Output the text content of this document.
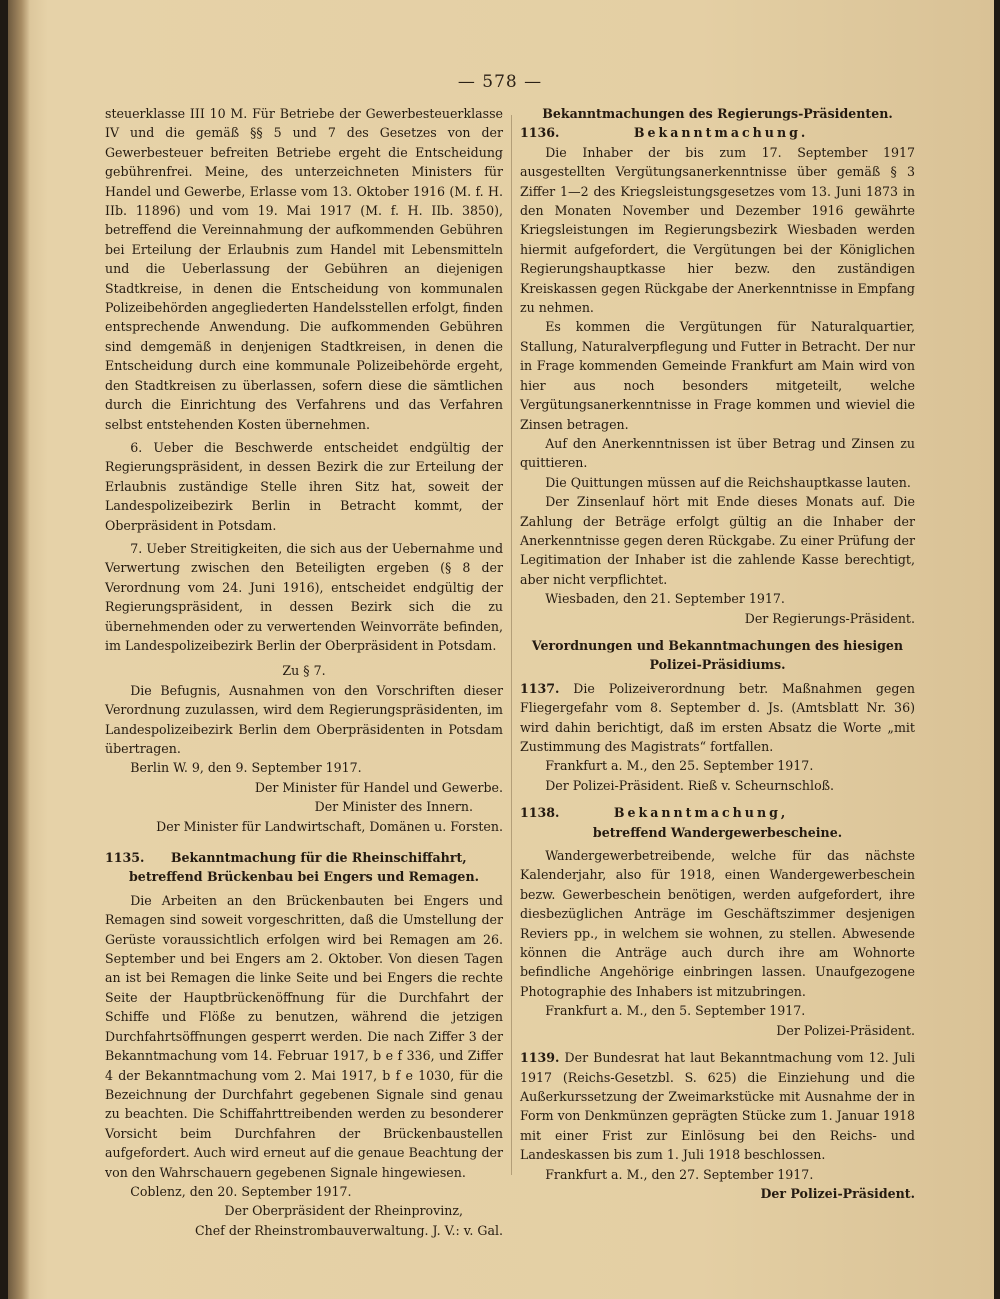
— 578 —

steuerklasse III 10 M. Für Betriebe der Gewerbesteuerklasse IV und die gemäß §§ 5 und 7 des Gesetzes von der Gewerbesteuer befreiten Betriebe ergeht die Entscheidung gebührenfrei. Meine, des unterzeichneten Ministers für Handel und Gewerbe, Erlasse vom 13. Oktober 1916 (M. f. H. IIb. 11896) und vom 19. Mai 1917 (M. f. H. IIb. 3850), betreffend die Vereinnahmung der aufkommenden Gebühren bei Erteilung der Erlaubnis zum Handel mit Lebensmitteln und die Ueberlassung der Gebühren an diejenigen Stadtkreise, in denen die Entscheidung von kommunalen Polizeibehörden angegliederten Handelsstellen erfolgt, finden entsprechende Anwendung. Die aufkommenden Gebühren sind demgemäß in denjenigen Stadtkreisen, in denen die Entscheidung durch eine kommunale Polizeibehörde ergeht, den Stadtkreisen zu überlassen, sofern diese die sämtlichen durch die Einrichtung des Verfahrens und das Verfahren selbst entstehenden Kosten übernehmen.

6. Ueber die Beschwerde entscheidet endgültig der Regierungspräsident, in dessen Bezirk die zur Erteilung der Erlaubnis zuständige Stelle ihren Sitz hat, soweit der Landespolizeibezirk Berlin in Betracht kommt, der Oberpräsident in Potsdam.

7. Ueber Streitigkeiten, die sich aus der Uebernahme und Verwertung zwischen den Beteiligten ergeben (§ 8 der Verordnung vom 24. Juni 1916), entscheidet endgültig der Regierungspräsident, in dessen Bezirk sich die zu übernehmenden oder zu verwertenden Weinvorräte befinden, im Landespolizeibezirk Berlin der Oberpräsident in Potsdam.

Zu § 7.

Die Befugnis, Ausnahmen von den Vorschriften dieser Verordnung zuzulassen, wird dem Regierungspräsidenten, im Landespolizeibezirk Berlin dem Oberpräsidenten in Potsdam übertragen.

Berlin W. 9, den 9. September 1917.

Der Minister für Handel und Gewerbe.

Der Minister des Innern.

Der Minister für Landwirtschaft, Domänen u. Forsten.

1135. Bekanntmachung für die Rheinschiffahrt,

betreffend Brückenbau bei Engers und Remagen.

Die Arbeiten an den Brückenbauten bei Engers und Remagen sind soweit vorgeschritten, daß die Umstellung der Gerüste voraussichtlich erfolgen wird bei Remagen am 26. September und bei Engers am 2. Oktober. Von diesen Tagen an ist bei Remagen die linke Seite und bei Engers die rechte Seite der Hauptbrückenöffnung für die Durchfahrt der Schiffe und Flöße zu benutzen, während die jetzigen Durchfahrtsöffnungen gesperrt werden. Die nach Ziffer 3 der Bekanntmachung vom 14. Februar 1917, b e f 336, und Ziffer 4 der Bekanntmachung vom 2. Mai 1917, b f e 1030, für die Bezeichnung der Durchfahrt gegebenen Signale sind genau zu beachten. Die Schiffahrttreibenden werden zu besonderer Vorsicht beim Durchfahren der Brückenbaustellen aufgefordert. Auch wird erneut auf die genaue Beachtung der von den Wahrschauern gegebenen Signale hingewiesen.

Coblenz, den 20. September 1917.

Der Oberpräsident der Rheinprovinz,

Chef der Rheinstrombauverwaltung. J. V.: v. Gal.

Bekanntmachungen des Regierungs-Präsidenten.

1136.	Bekanntmachung.

Die Inhaber der bis zum 17. September 1917 ausgestellten Vergütungsanerkenntnisse über gemäß § 3 Ziffer 1—2 des Kriegsleistungsgesetzes vom 13. Juni 1873 in den Monaten November und Dezember 1916 gewährte Kriegsleistungen im Regierungsbezirk Wiesbaden werden hiermit aufgefordert, die Vergütungen bei der Königlichen Regierungshauptkasse hier bezw. den zuständigen Kreiskassen gegen Rückgabe der Anerkenntnisse in Empfang zu nehmen.

Es kommen die Vergütungen für Naturalquartier, Stallung, Naturalverpflegung und Futter in Betracht. Der nur in Frage kommenden Gemeinde Frankfurt am Main wird von hier aus noch besonders mitgeteilt, welche Vergütungsanerkenntnisse in Frage kommen und wieviel die Zinsen betragen.

Auf den Anerkenntnissen ist über Betrag und Zinsen zu quittieren.

Die Quittungen müssen auf die Reichshauptkasse lauten.

Der Zinsenlauf hört mit Ende dieses Monats auf. Die Zahlung der Beträge erfolgt gültig an die Inhaber der Anerkenntnisse gegen deren Rückgabe. Zu einer Prüfung der Legitimation der Inhaber ist die zahlende Kasse berechtigt, aber nicht verpflichtet.

Wiesbaden, den 21. September 1917.

Der Regierungs-Präsident.

Verordnungen und Bekanntmachungen des hiesigen

Polizei-Präsidiums.

1137. Die Polizeiverordnung betr. Maßnahmen gegen Fliegergefahr vom 8. September d. Js. (Amtsblatt Nr. 36) wird dahin berichtigt, daß im ersten Absatz die Worte „mit Zustimmung des Magistrats“ fortfallen.

Frankfurt a. M., den 25. September 1917.

Der Polizei-Präsident. Rieß v. Scheurnschloß.

1138.	Bekanntmachung,

betreffend Wandergewerbescheine.

Wandergewerbetreibende, welche für das nächste Kalenderjahr, also für 1918, einen Wandergewerbeschein bezw. Gewerbeschein benötigen, werden aufgefordert, ihre diesbezüglichen Anträge im Geschäftszimmer desjenigen Reviers pp., in welchem sie wohnen, zu stellen. Abwesende können die Anträge auch durch ihre am Wohnorte befindliche Angehörige einbringen lassen. Unaufgezogene Photographie des Inhabers ist mitzubringen.

Frankfurt a. M., den 5. September 1917.

Der Polizei-Präsident.

1139. Der Bundesrat hat laut Bekanntmachung vom 12. Juli 1917 (Reichs-Gesetzbl. S. 625) die Einziehung und die Außerkurssetzung der Zweimarkstücke mit Ausnahme der in Form von Denkmünzen geprägten Stücke zum 1. Januar 1918 mit einer Frist zur Einlösung bei den Reichs- und Landeskassen bis zum 1. Juli 1918 beschlossen.

Frankfurt a. M., den 27. September 1917.

Der Polizei-Präsident.
